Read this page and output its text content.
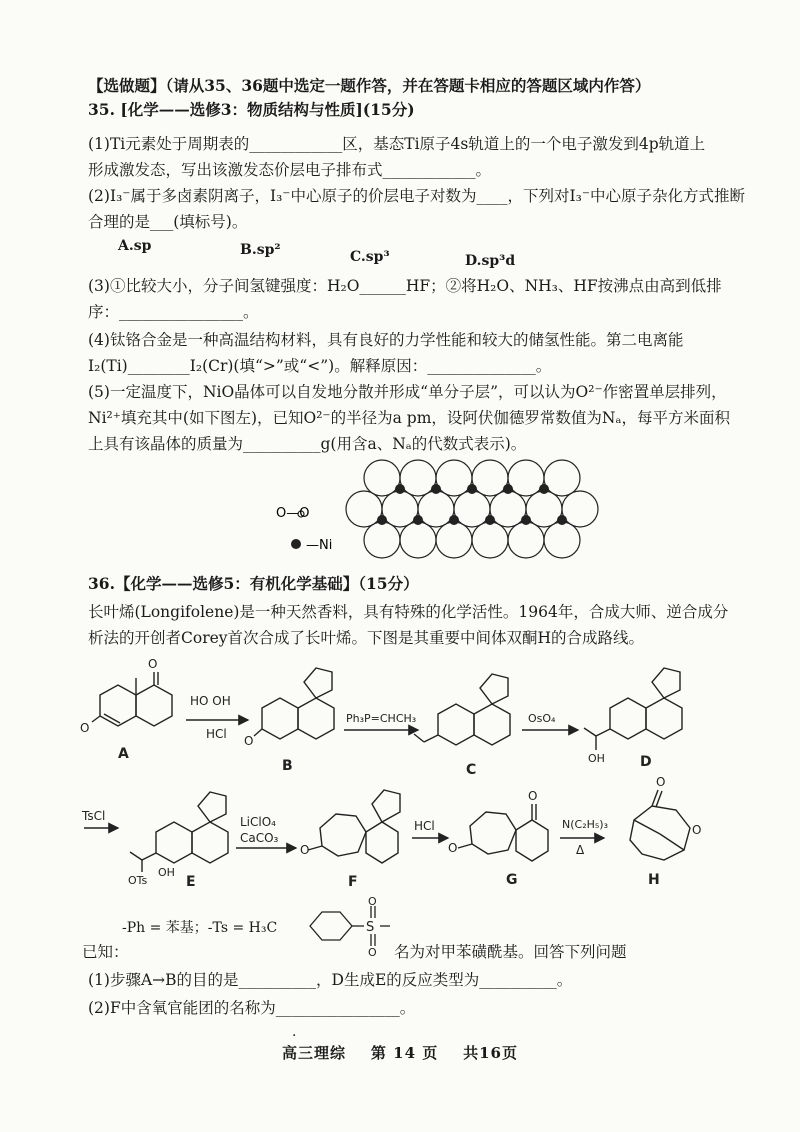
【选做题】（请从35、36题中选定一题作答，并在答题卡相应的答题区域内作答）
35. [化学——选修3：物质结构与性质](15分)
(1)Ti元素处于周期表的____________区，基态Ti原子4s轨道上的一个电子激发到4p轨道上
形成激发态，写出该激发态价层电子排布式____________。
(2)I₃⁻属于多卤素阴离子，I₃⁻中心原子的价层电子对数为____，下列对I₃⁻中心原子杂化方式推断
合理的是___(填标号)。
A.sp	B.sp²	C.sp³	D.sp³d
(3)①比较大小，分子间氢键强度：H₂O______HF；②将H₂O、NH₃、HF按沸点由高到低排
序：________________。
(4)钛铬合金是一种高温结构材料，具有良好的力学性能和较大的储氢性能。第二电离能
I₂(Ti)________I₂(Cr)(填“>”或“<”)。解释原因：______________。
(5)一定温度下，NiO晶体可以自发地分散并形成“单分子层”，可以认为O²⁻作密置单层排列，
Ni²⁺填充其中(如下图左)，已知O²⁻的半径为a pm，设阿伏伽德罗常数值为Nₐ，每平方米面积
上具有该晶体的质量为__________g(用含a、Nₐ的代数式表示)。
O—O
—Ni
36.【化学——选修5：有机化学基础】（15分）
长叶烯(Longifolene)是一种天然香料，具有特殊的化学活性。1964年，合成大师、逆合成分
析法的开创者Corey首次合成了长叶烯。下图是其重要中间体双酮H的合成路线。
O
O
A
HO OH
HCl O
B
Ph₃P=CHCH₃
C
OsO₄
OH	D
TsCl
OTs
OH
E
LiClO₄
CaCO₃
O
F
HCl
O
O
G
N(C₂H₅)₃
Δ
O
O
H
-Ph = 苯基；-Ts = H₃C	S
O
O
已知：	名为对甲苯磺酰基。回答下列问题
(1)步骤A→B的目的是__________，D生成E的反应类型为__________。
(2)F中含氧官能团的名称为________________。
·
高三理综 第 14 页 共16页
